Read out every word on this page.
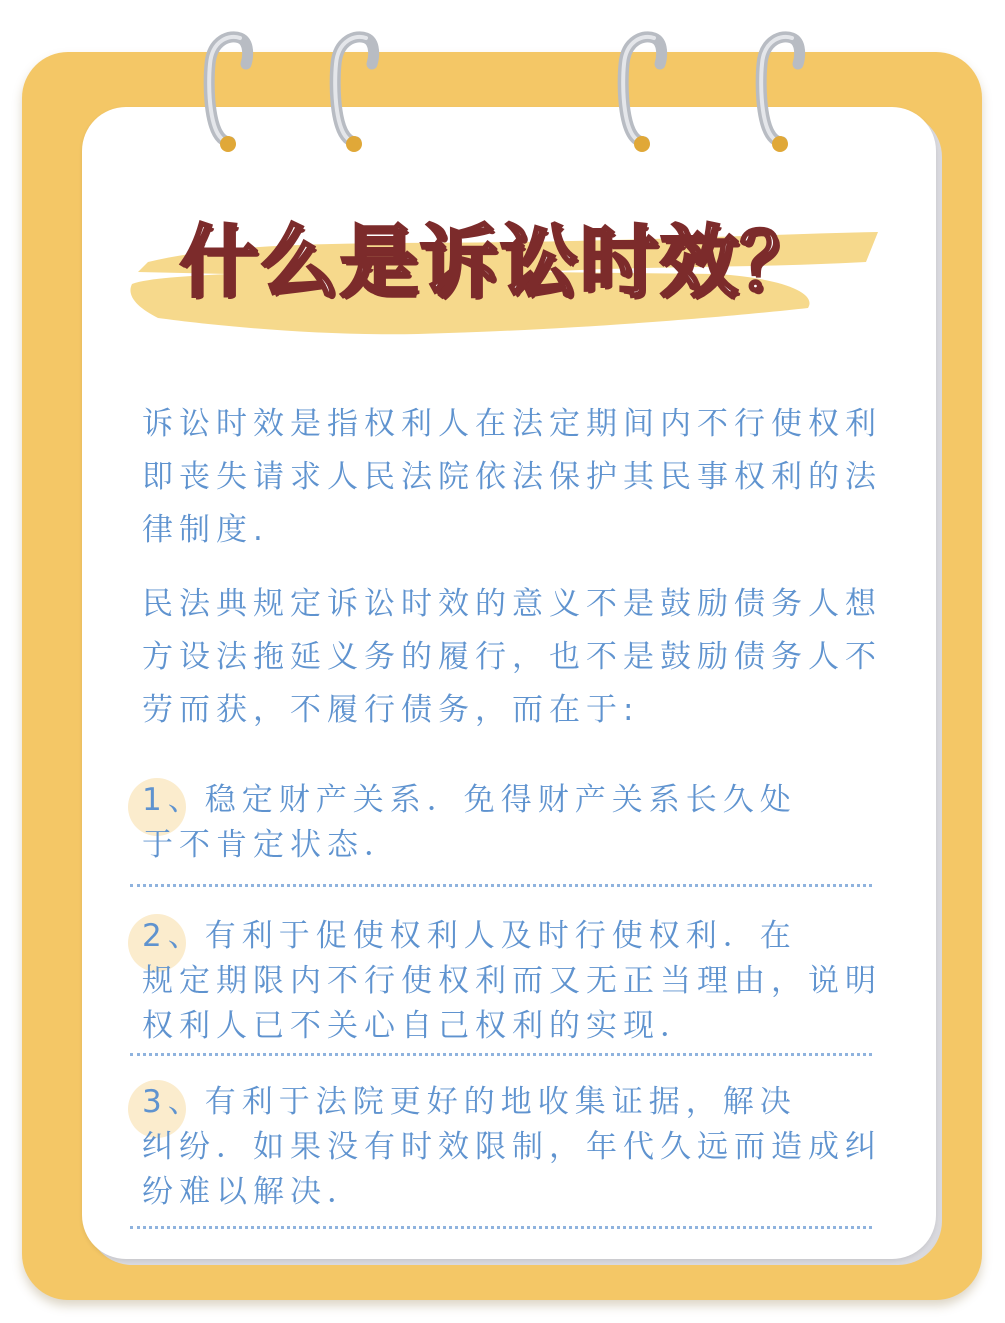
什么是诉讼时效？

诉讼时效是指权利人在法定期间内不行使权利即丧失请求人民法院依法保护其民事权利的法律制度.

民法典规定诉讼时效的意义不是鼓励债务人想方设法拖延义务的履行，也不是鼓励债务人不劳而获，不履行债务，而在于:

1、稳定财产关系．免得财产关系长久处

于不肯定状态．

2、有利于促使权利人及时行使权利．在

规定期限内不行使权利而又无正当理由，说明权利人已不关心自己权利的实现．

3、有利于法院更好的地收集证据，解决

纠纷．如果没有时效限制，年代久远而造成纠纷难以解决．
